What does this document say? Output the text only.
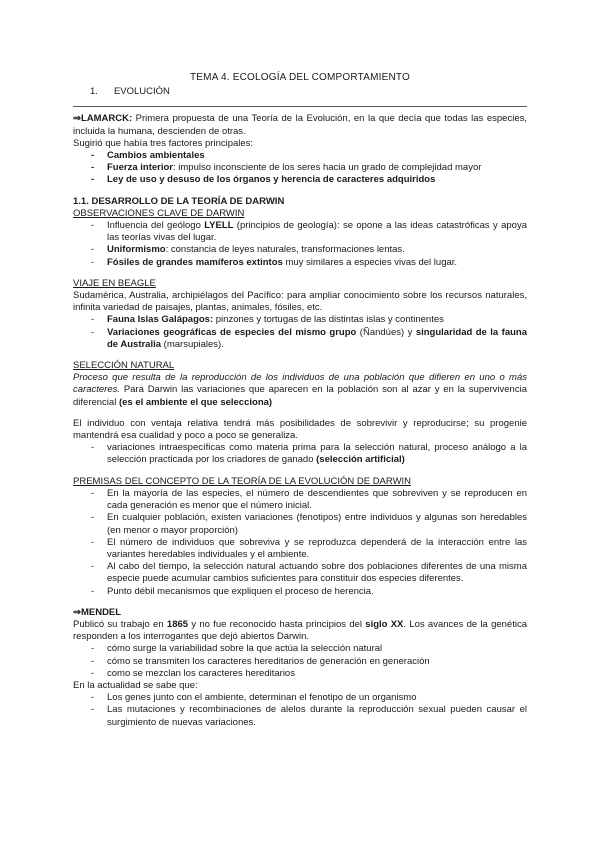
TEMA 4. ECOLOGÍA DEL COMPORTAMIENTO
1. EVOLUCIÓN

⇒LAMARCK: Primera propuesta de una Teoría de la Evolución, en la que decía que todas las especies, incluida la humana, descienden de otras.

Sugirió que había tres factores principales:

- Cambios ambientales
- Fuerza interior: impulso inconsciente de los seres hacia un grado de complejidad mayor
- Ley de uso y desuso de los órganos y herencia de caracteres adquiridos

1.1. DESARROLLO DE LA TEORÍA DE DARWIN

OBSERVACIONES CLAVE DE DARWIN

- Influencia del geólogo LYELL (principios de geología): se opone a las ideas catastróficas y apoya las teorías vivas del lugar.
- Uniformismo: constancia de leyes naturales, transformaciones lentas.
- Fósiles de grandes mamíferos extintos muy similares a especies vivas del lugar.

VIAJE EN BEAGLE

Sudamérica, Australia, archipiélagos del Pacífico: para ampliar conocimiento sobre los recursos naturales, infinita variedad de paisajes, plantas, animales, fósiles, etc.

- Fauna Islas Galápagos: pinzones y tortugas de las distintas islas y continentes
- Variaciones geográficas de especies del mismo grupo (Ñandúes) y singularidad de la fauna de Australia (marsupiales).

SELECCIÓN NATURAL

Proceso que resulta de la reproducción de los individuos de una población que difieren en uno o más caracteres. Para Darwin las variaciones que aparecen en la población son al azar y en la supervivencia diferencial (es el ambiente el que selecciona)

El individuo con ventaja relativa tendrá más posibilidades de sobrevivir y reproducirse; su progenie mantendrá esa cualidad y poco a poco se generaliza.

- variaciones intraespecíficas como materia prima para la selección natural, proceso análogo a la selección practicada por los criadores de ganado (selección artificial)

PREMISAS DEL CONCEPTO DE LA TEORÍA DE LA EVOLUCIÓN DE DARWIN

- En la mayoría de las especies, el número de descendientes que sobreviven y se reproducen en cada generación es menor que el número inicial.
- En cualquier población, existen variaciones (fenotipos) entre individuos y algunas son heredables (en menor o mayor proporción)
- El número de individuos que sobreviva y se reproduzca dependerá de la interacción entre las variantes heredables individuales y el ambiente.
- Al cabo del tiempo, la selección natural actuando sobre dos poblaciones diferentes de una misma especie puede acumular cambios suficientes para constituir dos especies diferentes.
- Punto débil mecanismos que expliquen el proceso de herencia.

⇒MENDEL

Publicó su trabajo en 1865 y no fue reconocido hasta principios del siglo XX. Los avances de la genética responden a los interrogantes que dejó abiertos Darwin.

- cómo surge la variabilidad sobre la que actúa la selección natural
- cómo se transmiten los caracteres hereditarios de generación en generación
- como se mezclan los caracteres hereditarios

En la actualidad se sabe que:

- Los genes junto con el ambiente, determinan el fenotipo de un organismo
- Las mutaciones y recombinaciones de alelos durante la reproducción sexual pueden causar el surgimiento de nuevas variaciones.
